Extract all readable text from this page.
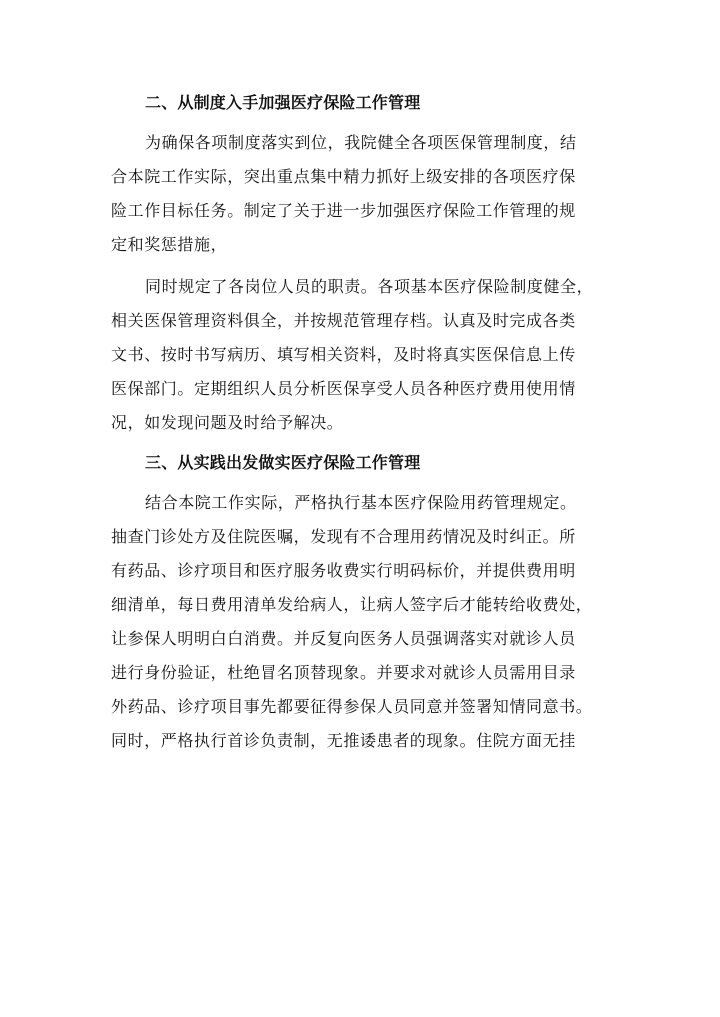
二、从制度入手加强医疗保险工作管理
为确保各项制度落实到位，我院健全各项医保管理制度，结
合本院工作实际，突出重点集中精力抓好上级安排的各项医疗保
险工作目标任务。制定了关于进一步加强医疗保险工作管理的规
定和奖惩措施，
同时规定了各岗位人员的职责。各项基本医疗保险制度健全，
相关医保管理资料俱全，并按规范管理存档。认真及时完成各类
文书、按时书写病历、填写相关资料，及时将真实医保信息上传
医保部门。定期组织人员分析医保享受人员各种医疗费用使用情
况，如发现问题及时给予解决。
三、从实践出发做实医疗保险工作管理
结合本院工作实际，严格执行基本医疗保险用药管理规定。
抽查门诊处方及住院医嘱，发现有不合理用药情况及时纠正。所
有药品、诊疗项目和医疗服务收费实行明码标价，并提供费用明
细清单，每日费用清单发给病人，让病人签字后才能转给收费处，
让参保人明明白白消费。并反复向医务人员强调落实对就诊人员
进行身份验证，杜绝冒名顶替现象。并要求对就诊人员需用目录
外药品、诊疗项目事先都要征得参保人员同意并签署知情同意书。
同时，严格执行首诊负责制，无推诿患者的现象。住院方面无挂
